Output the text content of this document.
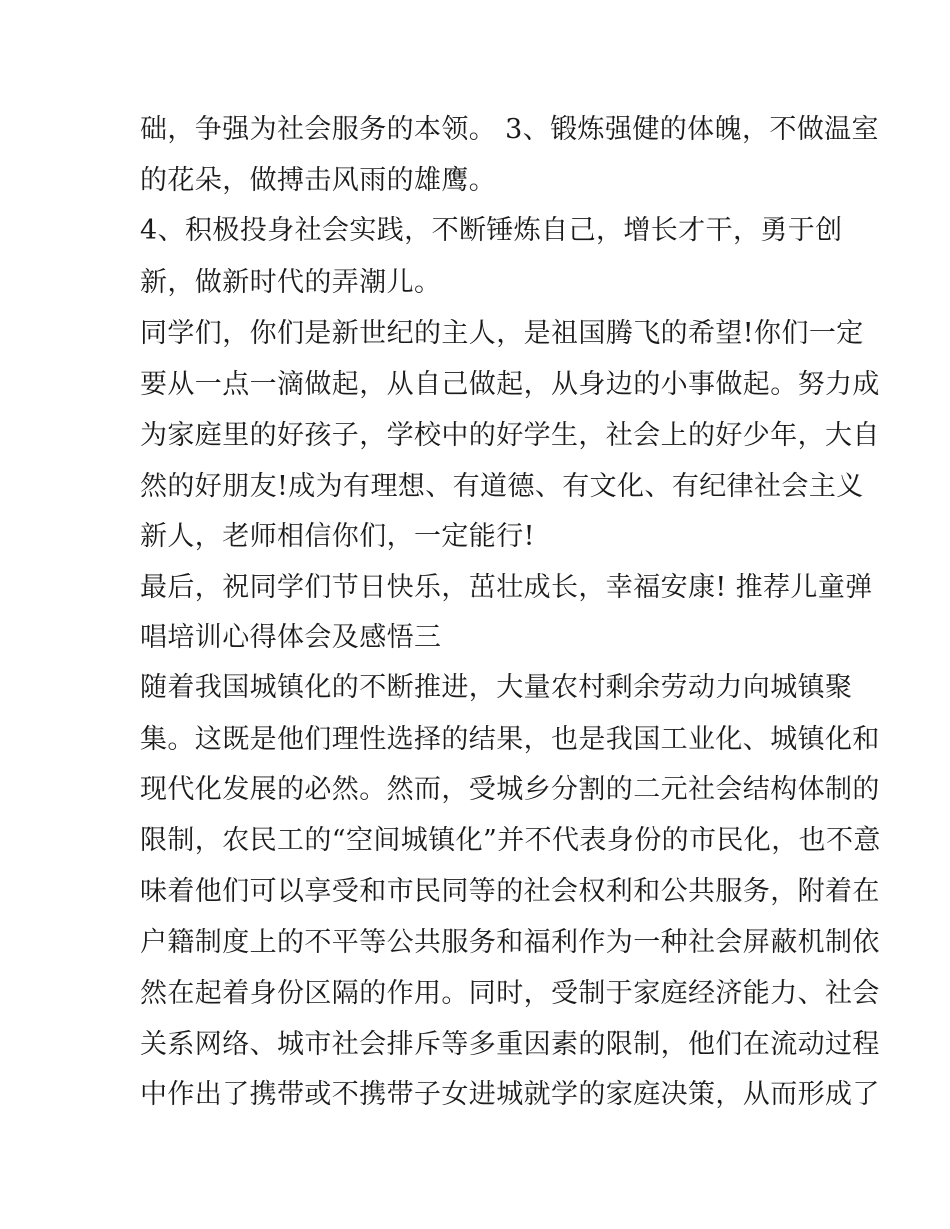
础，争强为社会服务的本领。 3、锻炼强健的体魄，不做温室
的花朵，做搏击风雨的雄鹰。
4、积极投身社会实践，不断锤炼自己，增长才干，勇于创
新，做新时代的弄潮儿。
同学们，你们是新世纪的主人，是祖国腾飞的希望!你们一定
要从一点一滴做起，从自己做起，从身边的小事做起。努力成
为家庭里的好孩子，学校中的好学生，社会上的好少年，大自
然的好朋友!成为有理想、有道德、有文化、有纪律社会主义
新人，老师相信你们，一定能行!
最后，祝同学们节日快乐，茁壮成长，幸福安康! 推荐儿童弹
唱培训心得体会及感悟三
随着我国城镇化的不断推进，大量农村剩余劳动力向城镇聚
集。这既是他们理性选择的结果，也是我国工业化、城镇化和
现代化发展的必然。然而，受城乡分割的二元社会结构体制的
限制，农民工的“空间城镇化”并不代表身份的市民化，也不意
味着他们可以享受和市民同等的社会权利和公共服务，附着在
户籍制度上的不平等公共服务和福利作为一种社会屏蔽机制依
然在起着身份区隔的作用。同时，受制于家庭经济能力、社会
关系网络、城市社会排斥等多重因素的限制，他们在流动过程
中作出了携带或不携带子女进城就学的家庭决策，从而形成了
